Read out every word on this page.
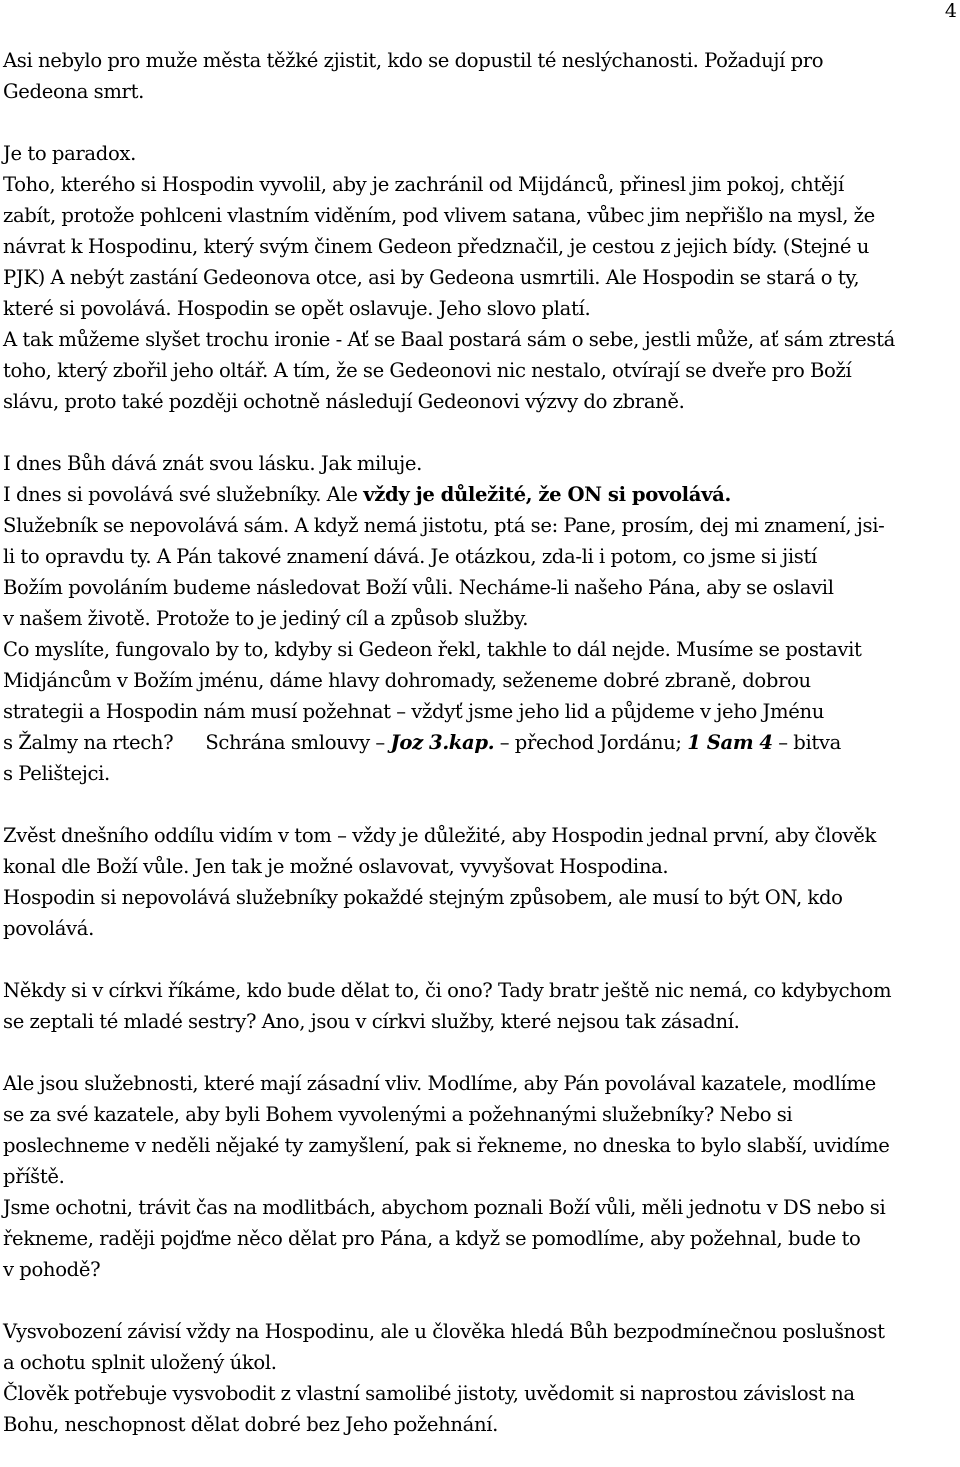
4
Asi nebylo pro muže města těžké zjistit, kdo se dopustil té neslýchanosti. Požadují pro
Gedeona smrt.
Je to paradox.
Toho, kterého si Hospodin vyvolil, aby je zachránil od Mijdánců, přinesl jim pokoj, chtějí
zabít, protože pohlceni vlastním viděním, pod vlivem satana, vůbec jim nepřišlo na mysl, že
návrat k Hospodinu, který svým činem Gedeon předznačil, je cestou z jejich bídy. (Stejné u
PJK) A nebýt zastání Gedeonova otce, asi by Gedeona usmrtili. Ale Hospodin se stará o ty,
které si povolává. Hospodin se opět oslavuje. Jeho slovo platí.
A tak můžeme slyšet trochu ironie - Ať se Baal postará sám o sebe, jestli může, ať sám ztrestá
toho, který zbořil jeho oltář. A tím, že se Gedeonovi nic nestalo, otvírají se dveře pro Boží
slávu, proto také později ochotně následují Gedeonovi výzvy do zbraně.
I dnes Bůh dává znát svou lásku. Jak miluje.
I dnes si povolává své služebníky. Ale vždy je důležité, že ON si povolává.
Služebník se nepovolává sám. A když nemá jistotu, ptá se: Pane, prosím, dej mi znamení, jsi-
li to opravdu ty. A Pán takové znamení dává. Je otázkou, zda-li i potom, co jsme si jistí
Božím povoláním budeme následovat Boží vůli. Necháme-li našeho Pána, aby se oslavil
v našem životě. Protože to je jediný cíl a způsob služby.
Co myslíte, fungovalo by to, kdyby si Gedeon řekl, takhle to dál nejde. Musíme se postavit
Midjáncům v Božím jménu, dáme hlavy dohromady, seženeme dobré zbraně, dobrou
strategii a Hospodin nám musí požehnat – vždyť jsme jeho lid a půjdeme v jeho Jménu
s Žalmy na rtech? Schrána smlouvy – Joz 3.kap. – přechod Jordánu; 1 Sam 4 – bitva
s Pelištejci.
Zvěst dnešního oddílu vidím v tom – vždy je důležité, aby Hospodin jednal první, aby člověk
konal dle Boží vůle. Jen tak je možné oslavovat, vyvyšovat Hospodina.
Hospodin si nepovolává služebníky pokaždé stejným způsobem, ale musí to být ON, kdo
povolává.
Někdy si v církvi říkáme, kdo bude dělat to, či ono? Tady bratr ještě nic nemá, co kdybychom
se zeptali té mladé sestry? Ano, jsou v církvi služby, které nejsou tak zásadní.
Ale jsou služebnosti, které mají zásadní vliv. Modlíme, aby Pán povolával kazatele, modlíme
se za své kazatele, aby byli Bohem vyvolenými a požehnanými služebníky? Nebo si
poslechneme v neděli nějaké ty zamyšlení, pak si řekneme, no dneska to bylo slabší, uvidíme
příště.
Jsme ochotni, trávit čas na modlitbách, abychom poznali Boží vůli, měli jednotu v DS nebo si
řekneme, raději pojďme něco dělat pro Pána, a když se pomodlíme, aby požehnal, bude to
v pohodě?
Vysvobození závisí vždy na Hospodinu, ale u člověka hledá Bůh bezpodmínečnou poslušnost
a ochotu splnit uložený úkol.
Člověk potřebuje vysvobodit z vlastní samolibé jistoty, uvědomit si naprostou závislost na
Bohu, neschopnost dělat dobré bez Jeho požehnání.
